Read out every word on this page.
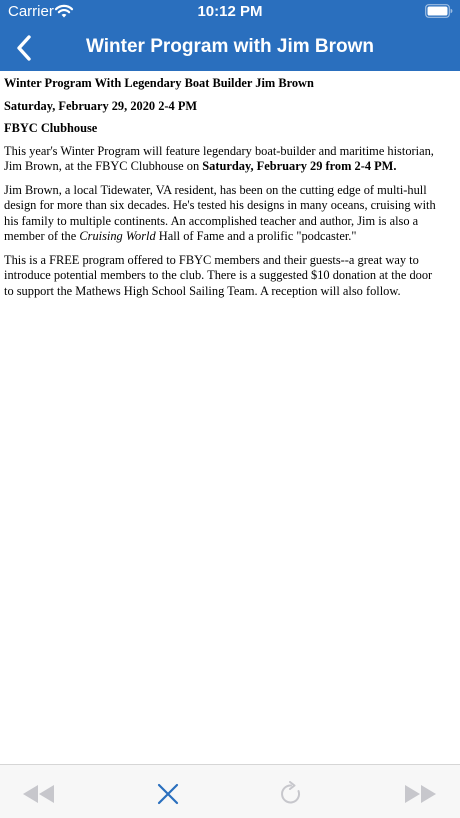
Carrier	10:12 PM
Winter Program with Jim Brown

Winter Program With Legendary Boat Builder Jim Brown

Saturday, February 29, 2020 2-4 PM

FBYC Clubhouse

This year's Winter Program will feature legendary boat-builder and maritime historian, Jim Brown, at the FBYC Clubhouse on Saturday, February 29 from 2-4 PM.

Jim Brown, a local Tidewater, VA resident, has been on the cutting edge of multi-hull design for more than six decades. He's tested his designs in many oceans, cruising with his family to multiple continents. An accomplished teacher and author, Jim is also a member of the Cruising World Hall of Fame and a prolific "podcaster."

This is a FREE program offered to FBYC members and their guests--a great way to introduce potential members to the club. There is a suggested $10 donation at the door to support the Mathews High School Sailing Team. A reception will also follow.
